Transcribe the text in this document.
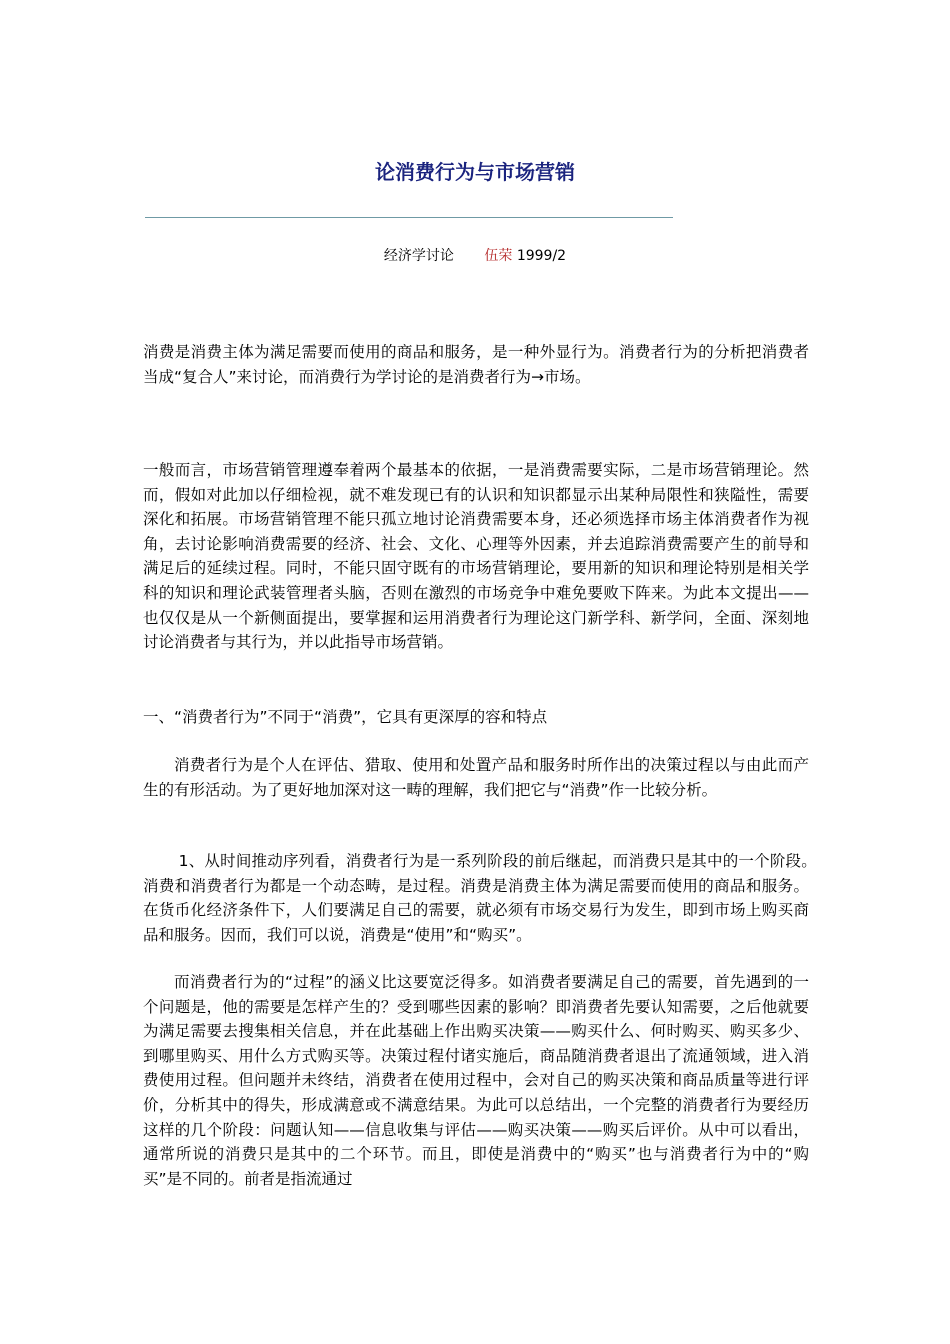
论消费行为与市场营销
经济学讨论 伍荣 1999/2
消费是消费主体为满足需要而使用的商品和服务，是一种外显行为。消费者行为的分析把消费者当成“复合人”来讨论，而消费行为学讨论的是消费者行为→市场。
一般而言，市场营销管理遵奉着两个最基本的依据，一是消费需要实际，二是市场营销理论。然而，假如对此加以仔细检视，就不难发现已有的认识和知识都显示出某种局限性和狭隘性，需要深化和拓展。市场营销管理不能只孤立地讨论消费需要本身，还必须选择市场主体消费者作为视角，去讨论影响消费需要的经济、社会、文化、心理等外因素，并去追踪消费需要产生的前导和满足后的延续过程。同时，不能只固守既有的市场营销理论，要用新的知识和理论特别是相关学科的知识和理论武装管理者头脑，否则在激烈的市场竞争中难免要败下阵来。为此本文提出——也仅仅是从一个新侧面提出，要掌握和运用消费者行为理论这门新学科、新学问，全面、深刻地讨论消费者与其行为，并以此指导市场营销。
一、“消费者行为”不同于“消费”，它具有更深厚的容和特点
消费者行为是个人在评估、猎取、使用和处置产品和服务时所作出的决策过程以与由此而产生的有形活动。为了更好地加深对这一畴的理解，我们把它与“消费”作一比较分析。
1、从时间推动序列看，消费者行为是一系列阶段的前后继起，而消费只是其中的一个阶段。　　消费和消费者行为都是一个动态畴，是过程。消费是消费主体为满足需要而使用的商品和服务。在货币化经济条件下，人们要满足自己的需要，就必须有市场交易行为发生，即到市场上购买商品和服务。因而，我们可以说，消费是“使用”和“购买”。
而消费者行为的“过程”的涵义比这要宽泛得多。如消费者要满足自己的需要，首先遇到的一个问题是，他的需要是怎样产生的？受到哪些因素的影响？即消费者先要认知需要，之后他就要为满足需要去搜集相关信息，并在此基础上作出购买决策——购买什么、何时购买、购买多少、到哪里购买、用什么方式购买等。决策过程付诸实施后，商品随消费者退出了流通领域，进入消费使用过程。但问题并未终结，消费者在使用过程中，会对自己的购买决策和商品质量等进行评价，分析其中的得失，形成满意或不满意结果。为此可以总结出，一个完整的消费者行为要经历这样的几个阶段：问题认知——信息收集与评估——购买决策——购买后评价。从中可以看出，通常所说的消费只是其中的二个环节。而且，即使是消费中的“购买”也与消费者行为中的“购买”是不同的。前者是指流通过
